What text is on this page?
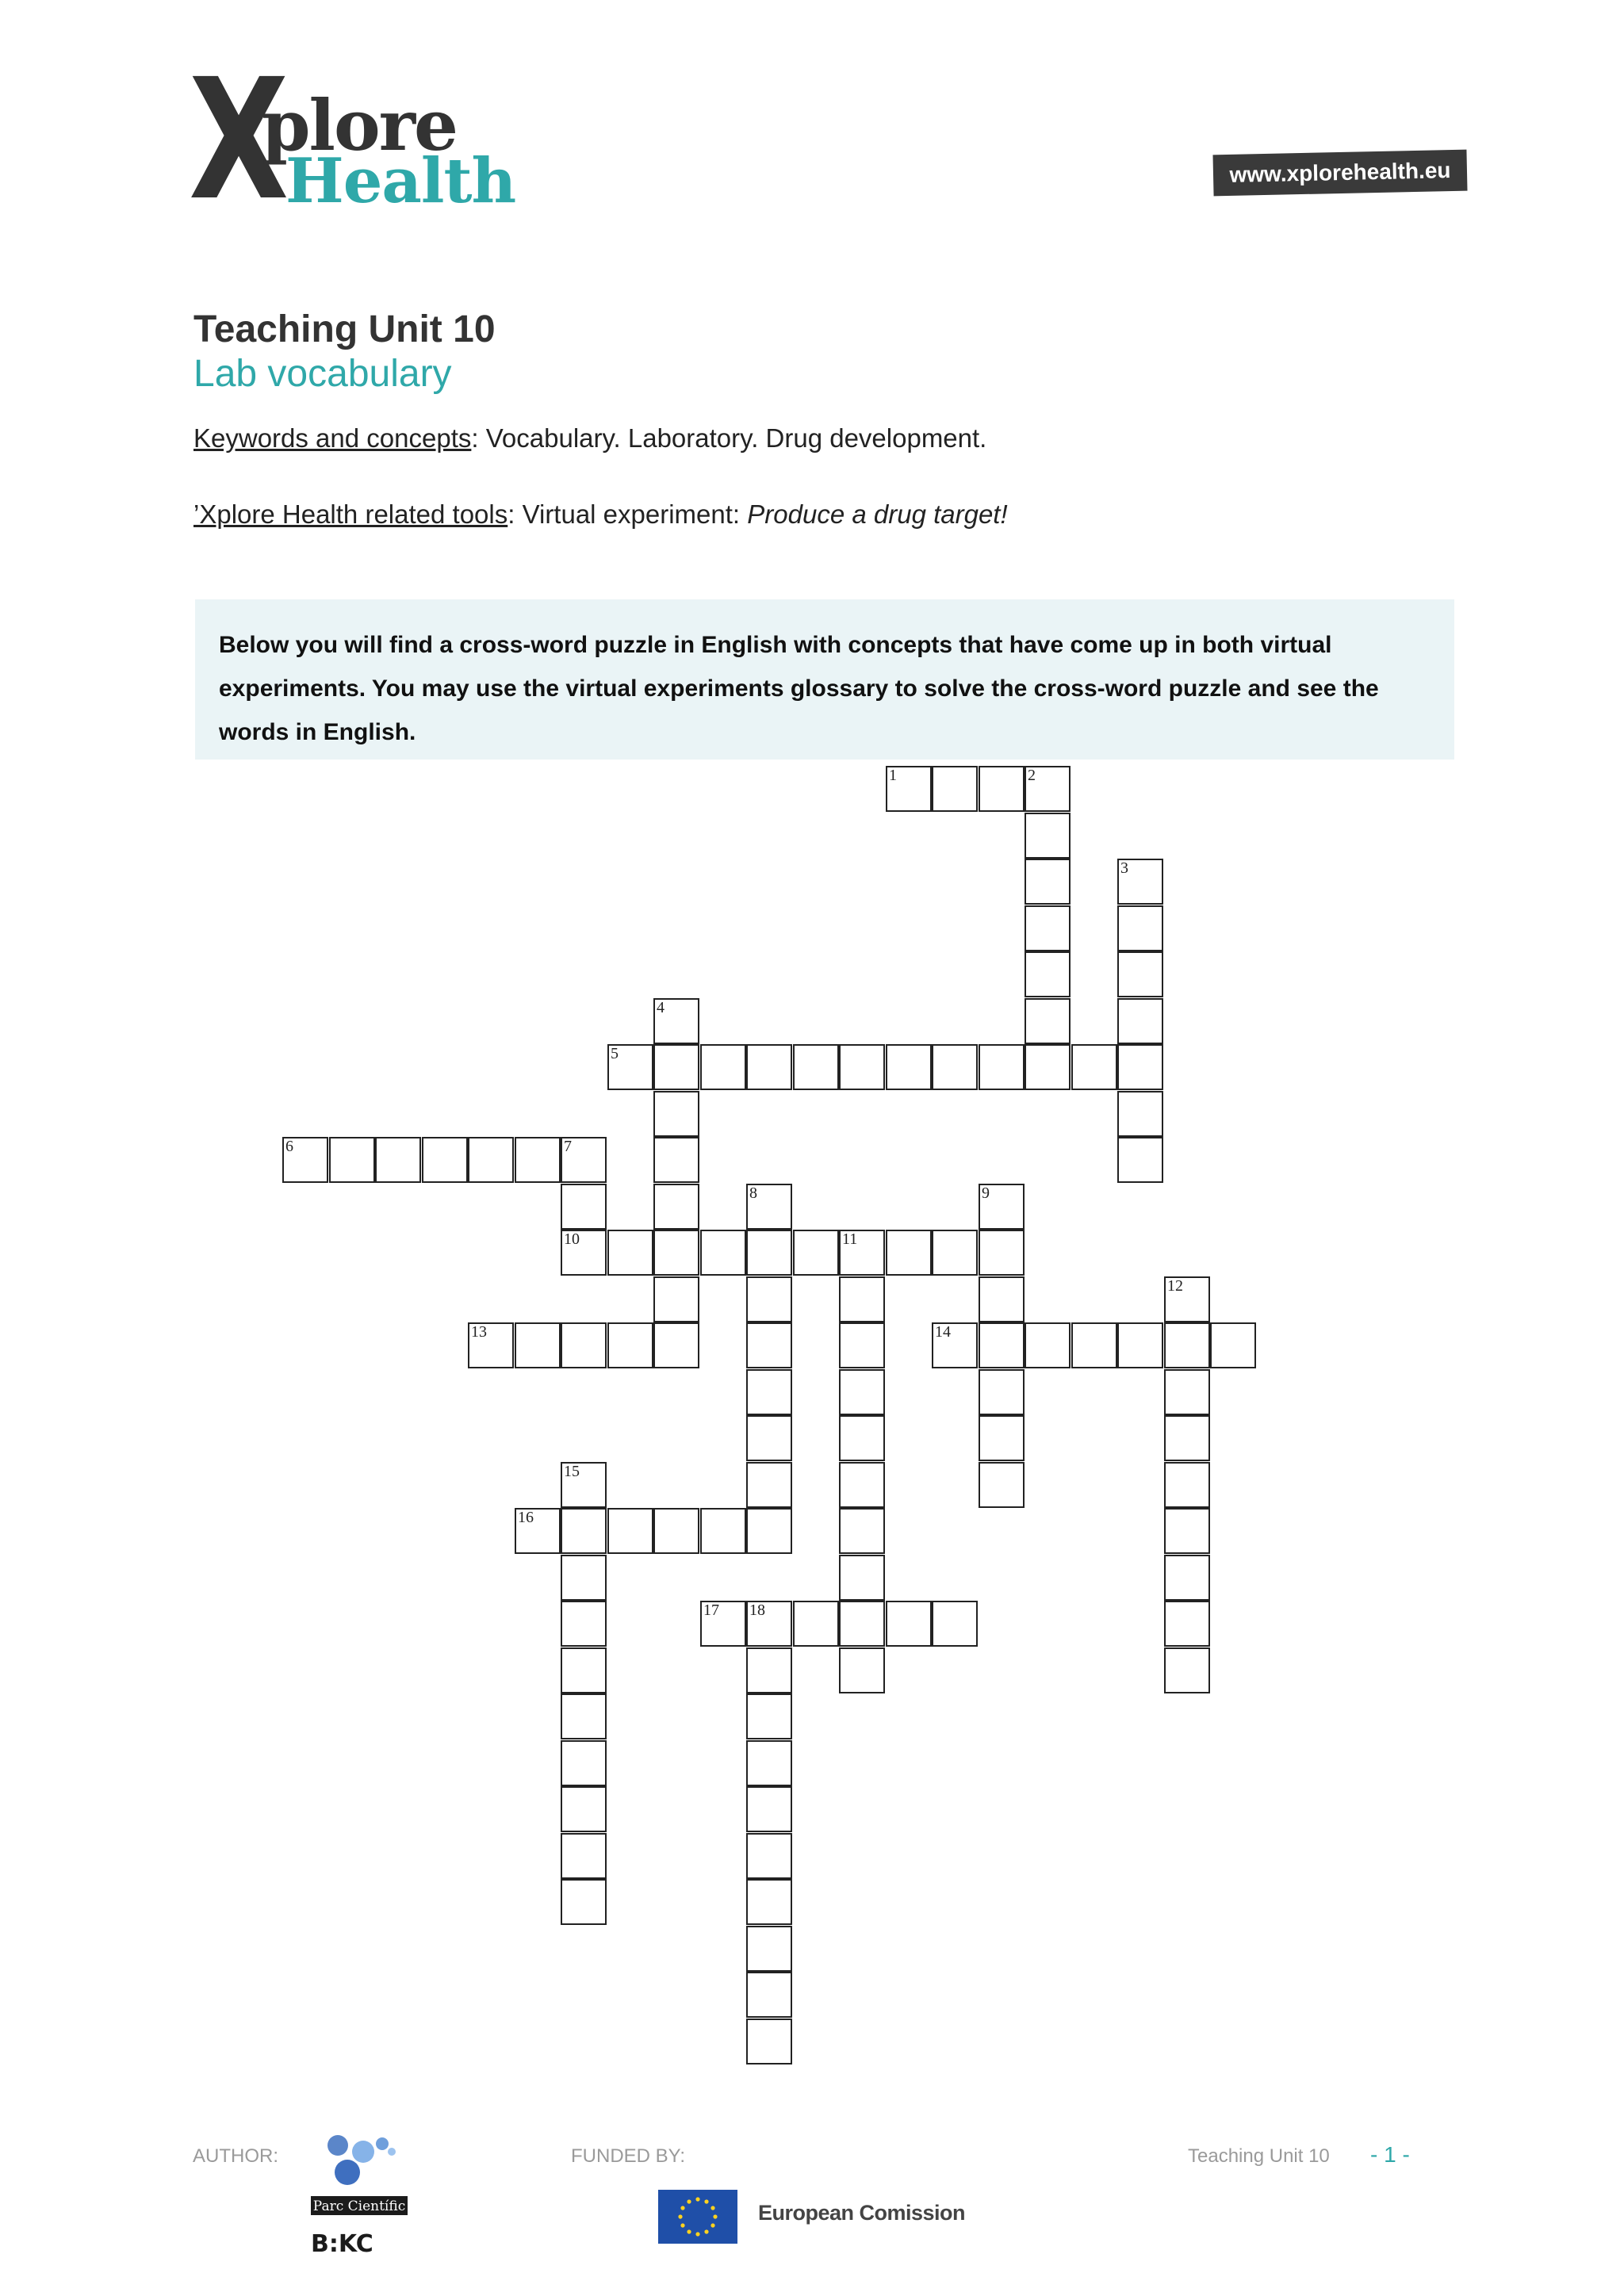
X
plore
Health	www.xplorehealth.eu
Teaching Unit 10
Lab vocabulary
Keywords and concepts: Vocabulary. Laboratory. Drug development.
’Xplore Health related tools: Virtual experiment: Produce a drug target!
Below you will find a cross-word puzzle in English with concepts that have come up in both virtual experiments. You may use the virtual experiments glossary to solve the cross-word puzzle and see the words in English.
1	2
3
4
5
6	7
10
8	9
11
12
13	14
15
16
17 18
AUTHOR:
Parc Científic
B:KC
FUNDED BY:
European Comission
Teaching Unit 10 - 1 -
